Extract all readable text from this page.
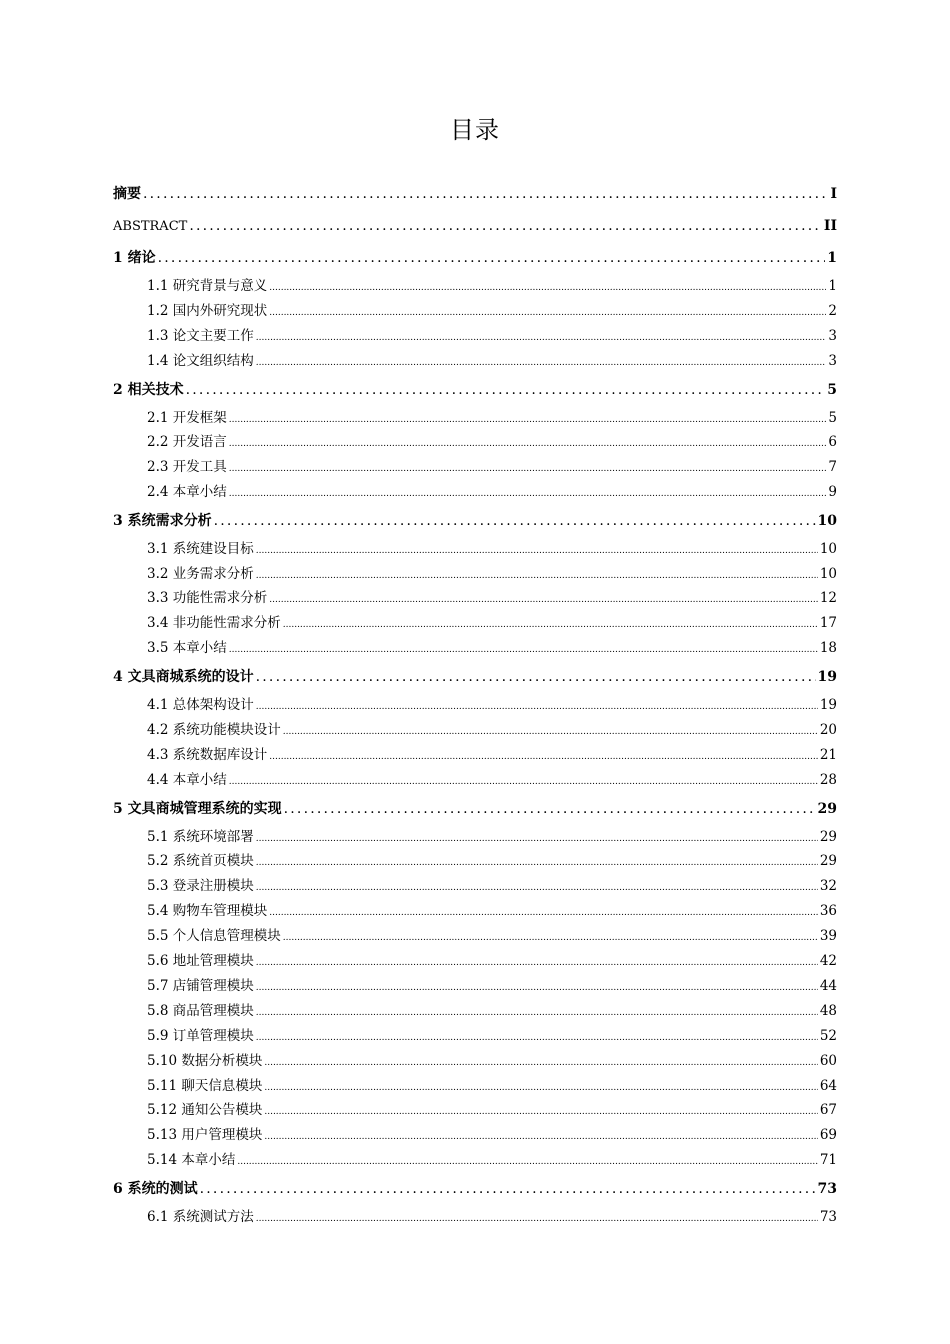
目录
摘要 .....	I
ABSTRACT .....	II
1 绪论 .....	1
1.1 研究背景与意义 .....	1
1.2 国内外研究现状 .....	2
1.3 论文主要工作 .....	3
1.4 论文组织结构 .....	3
2 相关技术 .....	5
2.1 开发框架 .....	5
2.2 开发语言 .....	6
2.3 开发工具 .....	7
2.4 本章小结 .....	9
3 系统需求分析 .....	10
3.1 系统建设目标 .....	10
3.2 业务需求分析 .....	10
3.3 功能性需求分析 .....	12
3.4 非功能性需求分析 .....	17
3.5 本章小结 .....	18
4 文具商城系统的设计 .....	19
4.1 总体架构设计 .....	19
4.2 系统功能模块设计 .....	20
4.3 系统数据库设计 .....	21
4.4 本章小结 .....	28
5 文具商城管理系统的实现 .....	29
5.1 系统环境部署 .....	29
5.2 系统首页模块 .....	29
5.3 登录注册模块 .....	32
5.4 购物车管理模块 .....	36
5.5 个人信息管理模块 .....	39
5.6 地址管理模块 .....	42
5.7 店铺管理模块 .....	44
5.8 商品管理模块 .....	48
5.9 订单管理模块 .....	52
5.10 数据分析模块 .....	60
5.11 聊天信息模块 .....	64
5.12 通知公告模块 .....	67
5.13 用户管理模块 .....	69
5.14 本章小结 .....	71
6 系统的测试 .....	73
6.1 系统测试方法 .....	73
